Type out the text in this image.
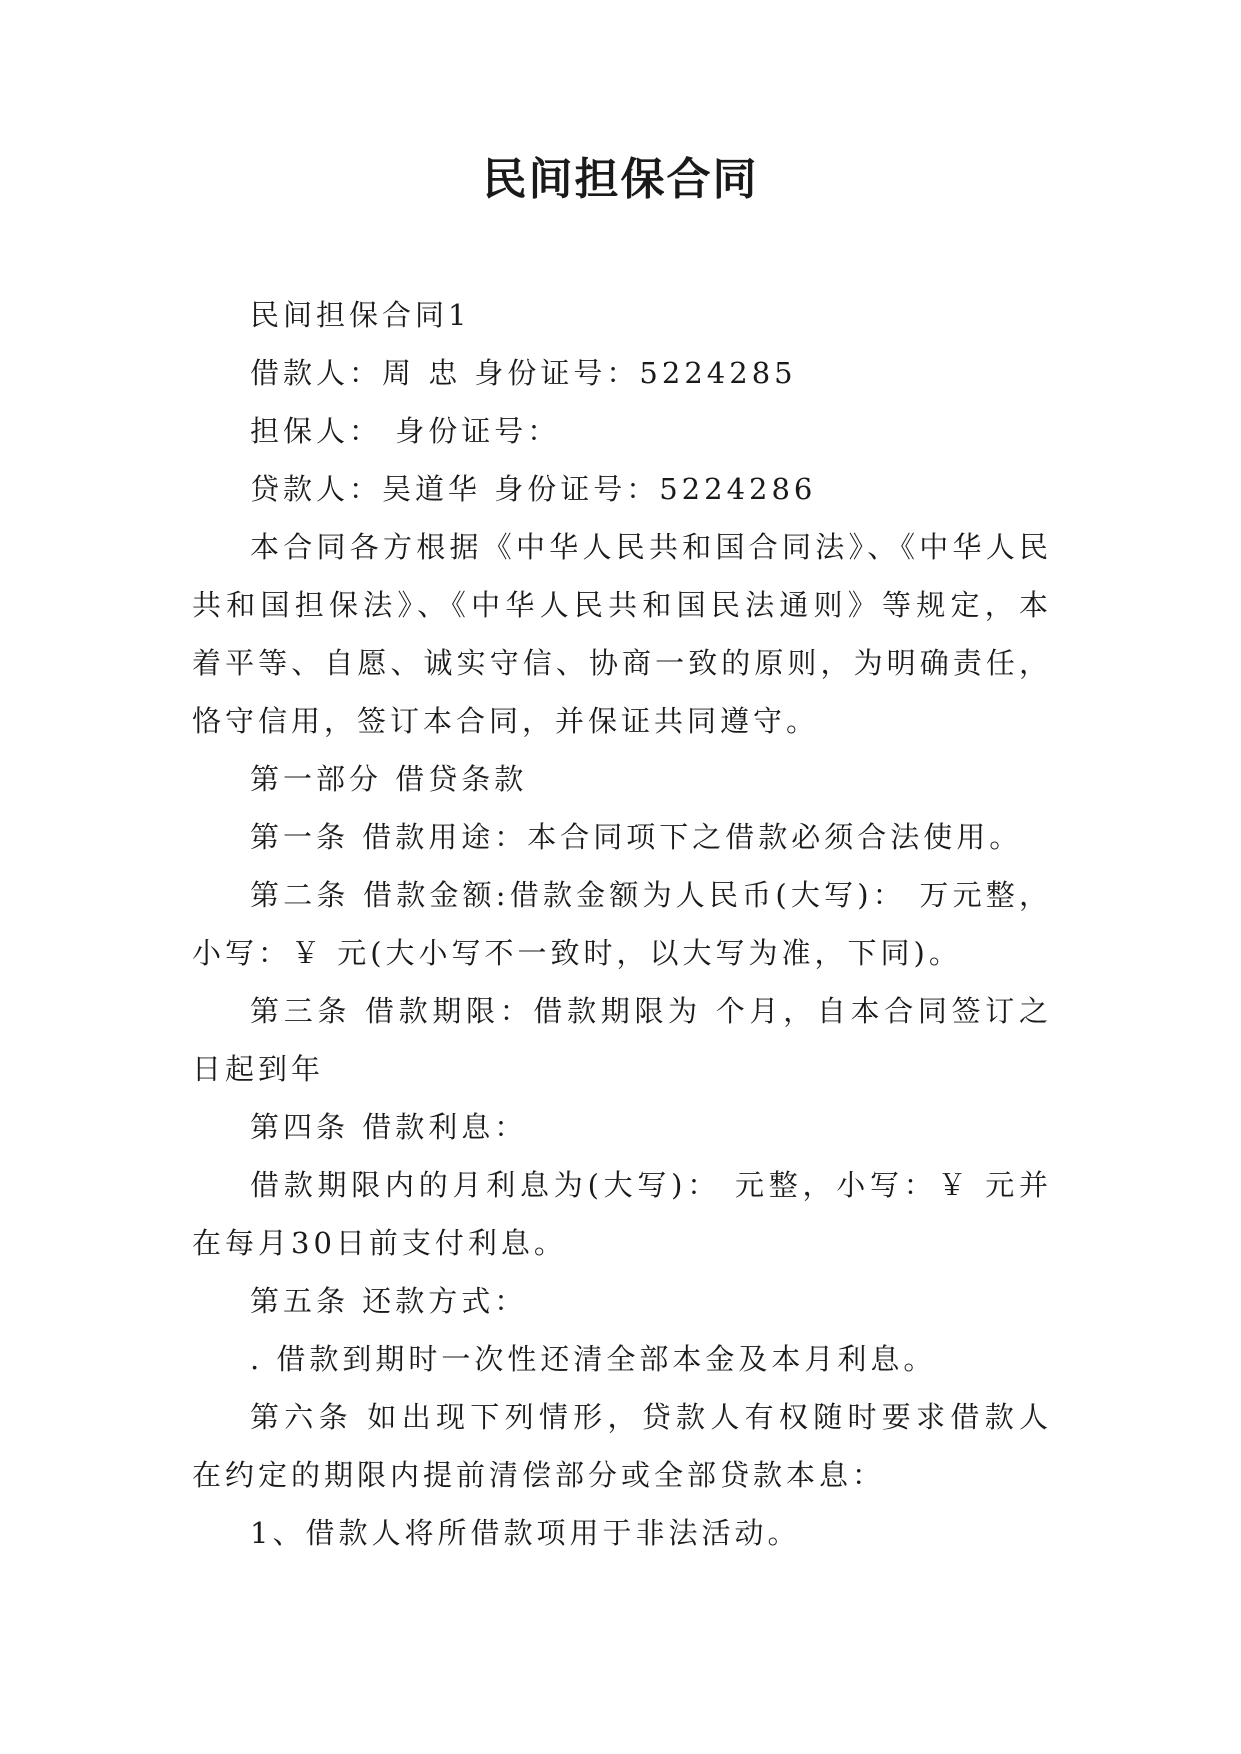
民间担保合同

民间担保合同1

借款人：周 忠 身份证号：5224285

担保人： 身份证号：

贷款人：吴道华 身份证号：5224286

本合同各方根据《中华人民共和国合同法》、《中华人民共和国担保法》、《中华人民共和国民法通则》等规定，本着平等、自愿、诚实守信、协商一致的原则，为明确责任，恪守信用，签订本合同，并保证共同遵守。

第一部分 借贷条款

第一条 借款用途：本合同项下之借款必须合法使用。

第二条 借款金额:借款金额为人民币(大写)： 万元整，小写：￥ 元(大小写不一致时，以大写为准，下同)。

第三条 借款期限：借款期限为 个月，自本合同签订之日起到年

第四条 借款利息：

借款期限内的月利息为(大写)： 元整，小写：￥ 元并在每月30日前支付利息。

第五条 还款方式：

. 借款到期时一次性还清全部本金及本月利息。

第六条 如出现下列情形，贷款人有权随时要求借款人在约定的期限内提前清偿部分或全部贷款本息：

1、借款人将所借款项用于非法活动。
